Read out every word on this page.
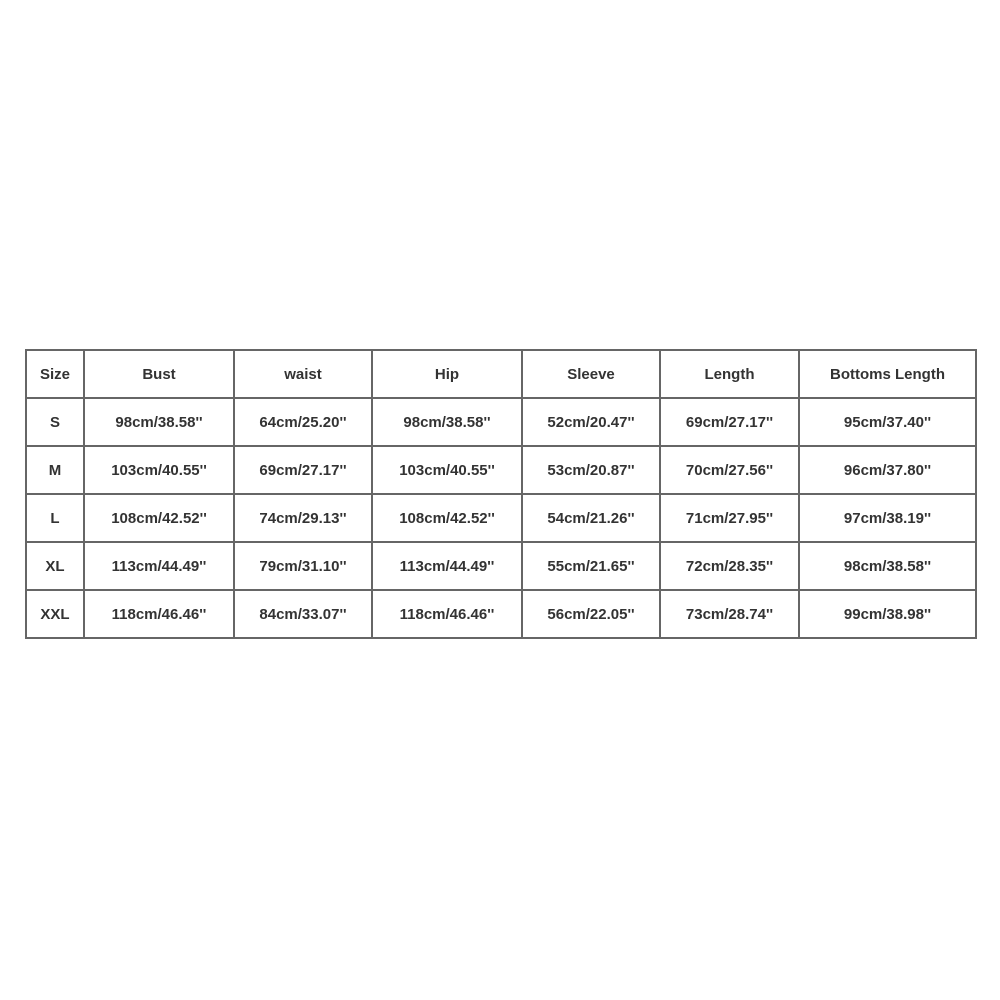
Size	Bust	waist	Hip	Sleeve	Length	Bottoms Length
S	98cm/38.58''	64cm/25.20''	98cm/38.58''	52cm/20.47''	69cm/27.17''	95cm/37.40''
M	103cm/40.55''	69cm/27.17''	103cm/40.55''	53cm/20.87''	70cm/27.56''	96cm/37.80''
L	108cm/42.52''	74cm/29.13''	108cm/42.52''	54cm/21.26''	71cm/27.95''	97cm/38.19''
XL	113cm/44.49''	79cm/31.10''	113cm/44.49''	55cm/21.65''	72cm/28.35''	98cm/38.58''
XXL	118cm/46.46''	84cm/33.07''	118cm/46.46''	56cm/22.05''	73cm/28.74''	99cm/38.98''
